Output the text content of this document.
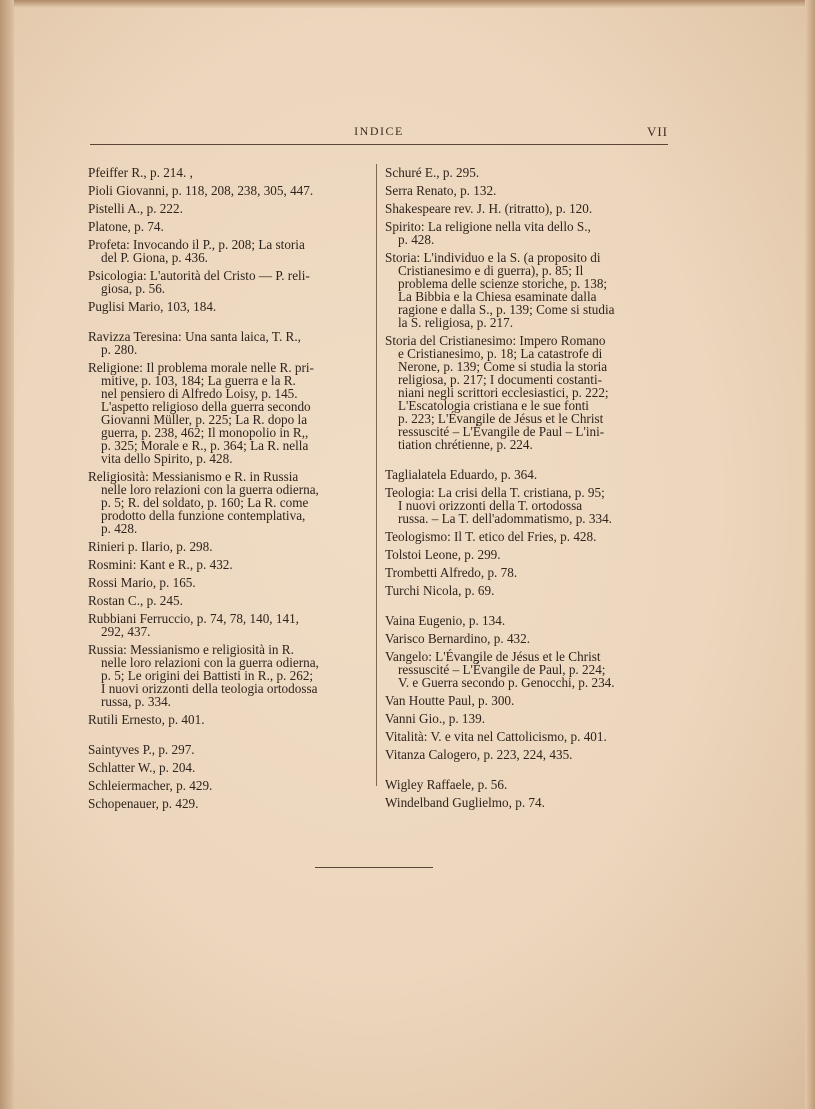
INDICE	VII

Pfeiffer R., p. 214. ,

Pioli Giovanni, p. 118, 208, 238, 305, 447.

Pistelli A., p. 222.

Platone, p. 74.

Profeta: Invocando il P., p. 208; La storia
del P. Giona, p. 436.

Psicologia: L'autorità del Cristo — P. reli-
giosa, p. 56.

Puglisi Mario, 103, 184.

Ravizza Teresina: Una santa laica, T. R.,
p. 280.

Religione: Il problema morale nelle R. pri-
mitive, p. 103, 184; La guerra e la R.
nel pensiero di Alfredo Loisy, p. 145.
L'aspetto religioso della guerra secondo
Giovanni Müller, p. 225; La R. dopo la
guerra, p. 238, 462; Il monopolio in R,,
p. 325; Morale e R., p. 364; La R. nella
vita dello Spirito, p. 428.

Religiosità: Messianismo e R. in Russia
nelle loro relazioni con la guerra odierna,
p. 5; R. del soldato, p. 160; La R. come
prodotto della funzione contemplativa,
p. 428.

Rinieri p. Ilario, p. 298.

Rosmini: Kant e R., p. 432.

Rossi Mario, p. 165.

Rostan C., p. 245.

Rubbiani Ferruccio, p. 74, 78, 140, 141,
292, 437.

Russia: Messianismo e religiosità in R.
nelle loro relazioni con la guerra odierna,
p. 5; Le origini dei Battisti in R., p. 262;
I nuovi orizzonti della teologia ortodossa
russa, p. 334.

Rutili Ernesto, p. 401.

Saintyves P., p. 297.

Schlatter W., p. 204.

Schleiermacher, p. 429.

Schopenauer, p. 429.

Schuré E., p. 295.

Serra Renato, p. 132.

Shakespeare rev. J. H. (ritratto), p. 120.

Spirito: La religione nella vita dello S.,
p. 428.

Storia: L'individuo e la S. (a proposito di
Cristianesimo e di guerra), p. 85; Il
problema delle scienze storiche, p. 138;
La Bibbia e la Chiesa esaminate dalla
ragione e dalla S., p. 139; Come si studia
la S. religiosa, p. 217.

Storia del Cristianesimo: Impero Romano
e Cristianesimo, p. 18; La catastrofe di
Nerone, p. 139; Come si studia la storia
religiosa, p. 217; I documenti costanti-
niani negli scrittori ecclesiastici, p. 222;
L'Escatologia cristiana e le sue fonti
p. 223; L'Évangile de Jésus et le Christ
ressuscité – L'Évangile de Paul – L'ini-
tiation chrétienne, p. 224.

Taglialatela Eduardo, p. 364.

Teologia: La crisi della T. cristiana, p. 95;
I nuovi orizzonti della T. ortodossa
russa. – La T. dell'adommatismo, p. 334.

Teologismo: Il T. etico del Fries, p. 428.

Tolstoi Leone, p. 299.

Trombetti Alfredo, p. 78.

Turchi Nicola, p. 69.

Vaina Eugenio, p. 134.

Varisco Bernardino, p. 432.

Vangelo: L'Évangile de Jésus et le Christ
ressuscité – L'Évangile de Paul, p. 224;
V. e Guerra secondo p. Genocchi, p. 234.

Van Houtte Paul, p. 300.

Vanni Gio., p. 139.

Vitalità: V. e vita nel Cattolicismo, p. 401.

Vitanza Calogero, p. 223, 224, 435.

Wigley Raffaele, p. 56.

Windelband Guglielmo, p. 74.
